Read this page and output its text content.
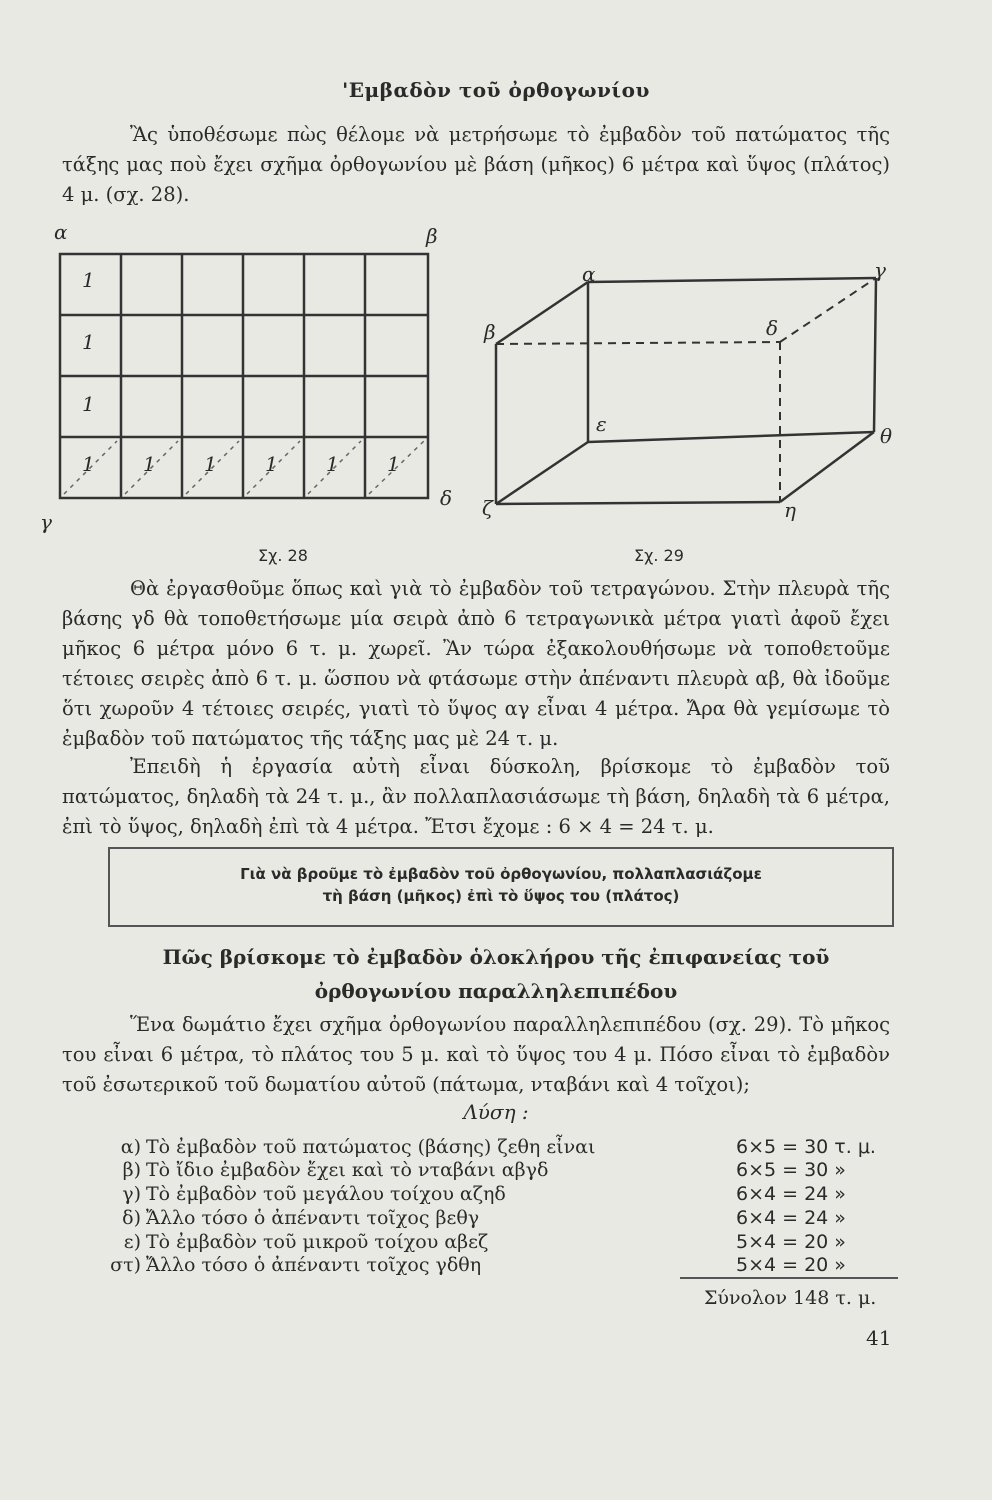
'Εμβαδὸν τοῦ ὀρθογωνίου
Ἂς ὑποθέσωμε πὼς θέλομε νὰ μετρήσωμε τὸ ἐμβαδὸν τοῦ πατώματος τῆς τάξης μας ποὺ ἔχει σχῆμα ὀρθογωνίου μὲ βάση (μῆκος) 6 μέτρα καὶ ὕψος (πλάτος) 4 μ. (σχ. 28).
1
1
1
1 1 1 1 1 1
α	β
γ
δ
Σχ. 28
α
β
γ
δ
ε	θ
ζ	η
Σχ. 29
Θὰ ἐργασθοῦμε ὅπως καὶ γιὰ τὸ ἐμβαδὸν τοῦ τετραγώνου. Στὴν πλευρὰ τῆς βάσης γδ θὰ τοποθετήσωμε μία σειρὰ ἀπὸ 6 τετραγωνικὰ μέτρα γιατὶ ἀφοῦ ἔχει μῆκος 6 μέτρα μόνο 6 τ. μ. χωρεῖ. Ἂν τώρα ἐξακολουθήσωμε νὰ τοποθετοῦμε τέτοιες σειρὲς ἀπὸ 6 τ. μ. ὥσπου νὰ φτάσωμε στὴν ἀπέναντι πλευρὰ αβ, θὰ ἰδοῦμε ὅτι χωροῦν 4 τέτοιες σειρές, γιατὶ τὸ ὕψος αγ εἶναι 4 μέτρα. Ἄρα θὰ γεμίσωμε τὸ ἐμβαδὸν τοῦ πατώματος τῆς τάξης μας μὲ 24 τ. μ.
Ἐπειδὴ ἡ ἐργασία αὐτὴ εἶναι δύσκολη, βρίσκομε τὸ ἐμβαδὸν τοῦ πατώματος, δηλαδὴ τὰ 24 τ. μ., ἂν πολλαπλασιάσωμε τὴ βάση, δηλαδὴ τὰ 6 μέτρα, ἐπὶ τὸ ὕψος, δηλαδὴ ἐπὶ τὰ 4 μέτρα. Ἔτσι ἔχομε : 6 × 4 = 24 τ. μ.
Γιὰ νὰ βροῦμε τὸ ἐμβαδὸν τοῦ ὀρθογωνίου, πολλαπλασιάζομε
τὴ βάση (μῆκος) ἐπὶ τὸ ὕψος του (πλάτος)
Πῶς βρίσκομε τὸ ἐμβαδὸν ὁλοκλήρου τῆς ἐπιφανείας τοῦ
ὀρθογωνίου παραλληλεπιπέδου
Ἕνα δωμάτιο ἔχει σχῆμα ὀρθογωνίου παραλληλεπιπέδου (σχ. 29). Τὸ μῆκος του εἶναι 6 μέτρα, τὸ πλάτος του 5 μ. καὶ τὸ ὕψος του 4 μ. Πόσο εἶναι τὸ ἐμβαδὸν τοῦ ἐσωτερικοῦ τοῦ δωματίου αὐτοῦ (πάτωμα, νταβάνι καὶ 4 τοῖχοι);
Λύση :
α) Τὸ ἐμβαδὸν τοῦ πατώματος (βάσης) ζεθη εἶναι	6×5 = 30 τ. μ.
β) Τὸ ἴδιο ἐμβαδὸν ἔχει καὶ τὸ νταβάνι αβγδ	6×5 = 30 »
γ) Τὸ ἐμβαδὸν τοῦ μεγάλου τοίχου αζηδ	6×4 = 24 »
δ) Ἄλλο τόσο ὁ ἀπέναντι τοῖχος βεθγ	6×4 = 24 »
ε) Τὸ ἐμβαδὸν τοῦ μικροῦ τοίχου αβεζ	5×4 = 20 »
στ) Ἄλλο τόσο ὁ ἀπέναντι τοῖχος γδθη	5×4 = 20 »
Σύνολον 148 τ. μ.
41
